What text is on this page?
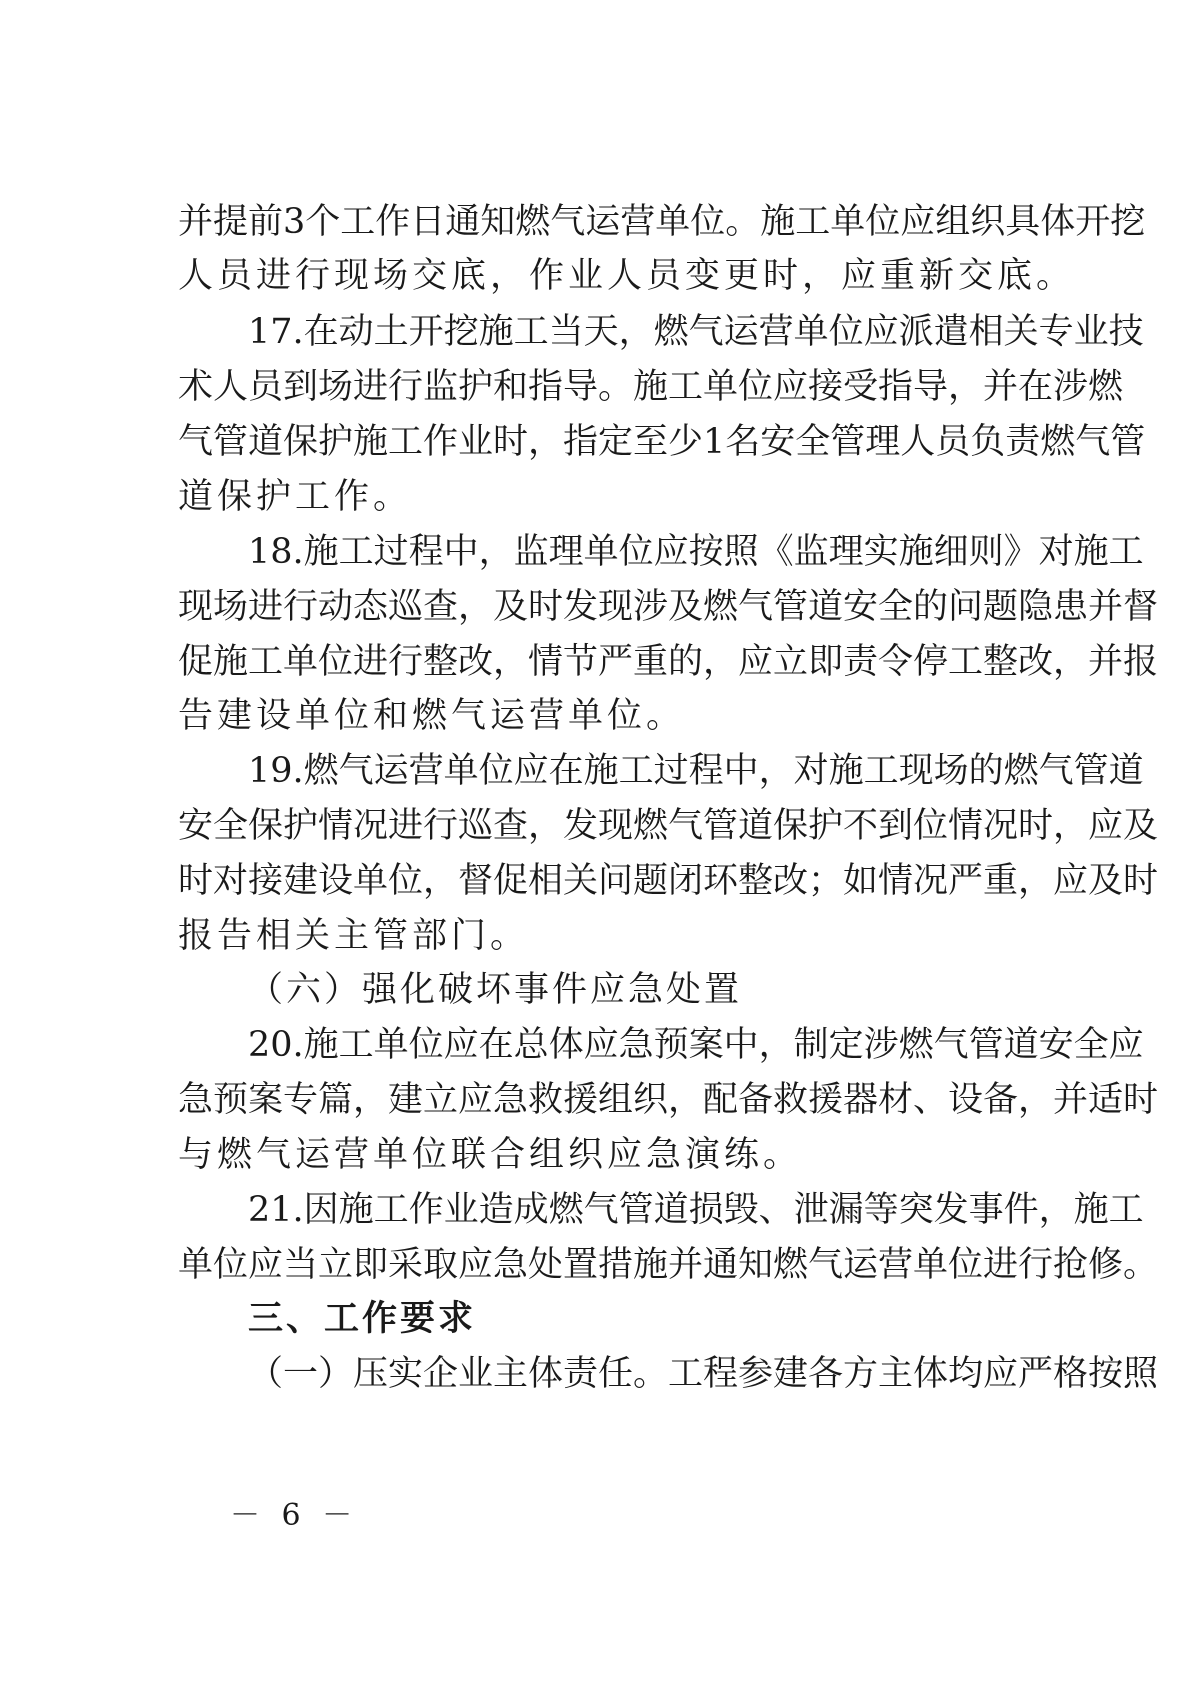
并提前3个工作日通知燃气运营单位。施工单位应组织具体开挖
人员进行现场交底，作业人员变更时，应重新交底。
17.在动土开挖施工当天，燃气运营单位应派遣相关专业技
术人员到场进行监护和指导。施工单位应接受指导，并在涉燃
气管道保护施工作业时，指定至少1名安全管理人员负责燃气管
道保护工作。
18.施工过程中，监理单位应按照《监理实施细则》对施工
现场进行动态巡查，及时发现涉及燃气管道安全的问题隐患并督
促施工单位进行整改，情节严重的，应立即责令停工整改，并报
告建设单位和燃气运营单位。
19.燃气运营单位应在施工过程中，对施工现场的燃气管道
安全保护情况进行巡查，发现燃气管道保护不到位情况时，应及
时对接建设单位，督促相关问题闭环整改；如情况严重，应及时
报告相关主管部门。
（六）强化破坏事件应急处置
20.施工单位应在总体应急预案中，制定涉燃气管道安全应
急预案专篇，建立应急救援组织，配备救援器材、设备，并适时
与燃气运营单位联合组织应急演练。
21.因施工作业造成燃气管道损毁、泄漏等突发事件，施工
单位应当立即采取应急处置措施并通知燃气运营单位进行抢修。
三、工作要求
（一）压实企业主体责任。工程参建各方主体均应严格按照
－ 6 －
